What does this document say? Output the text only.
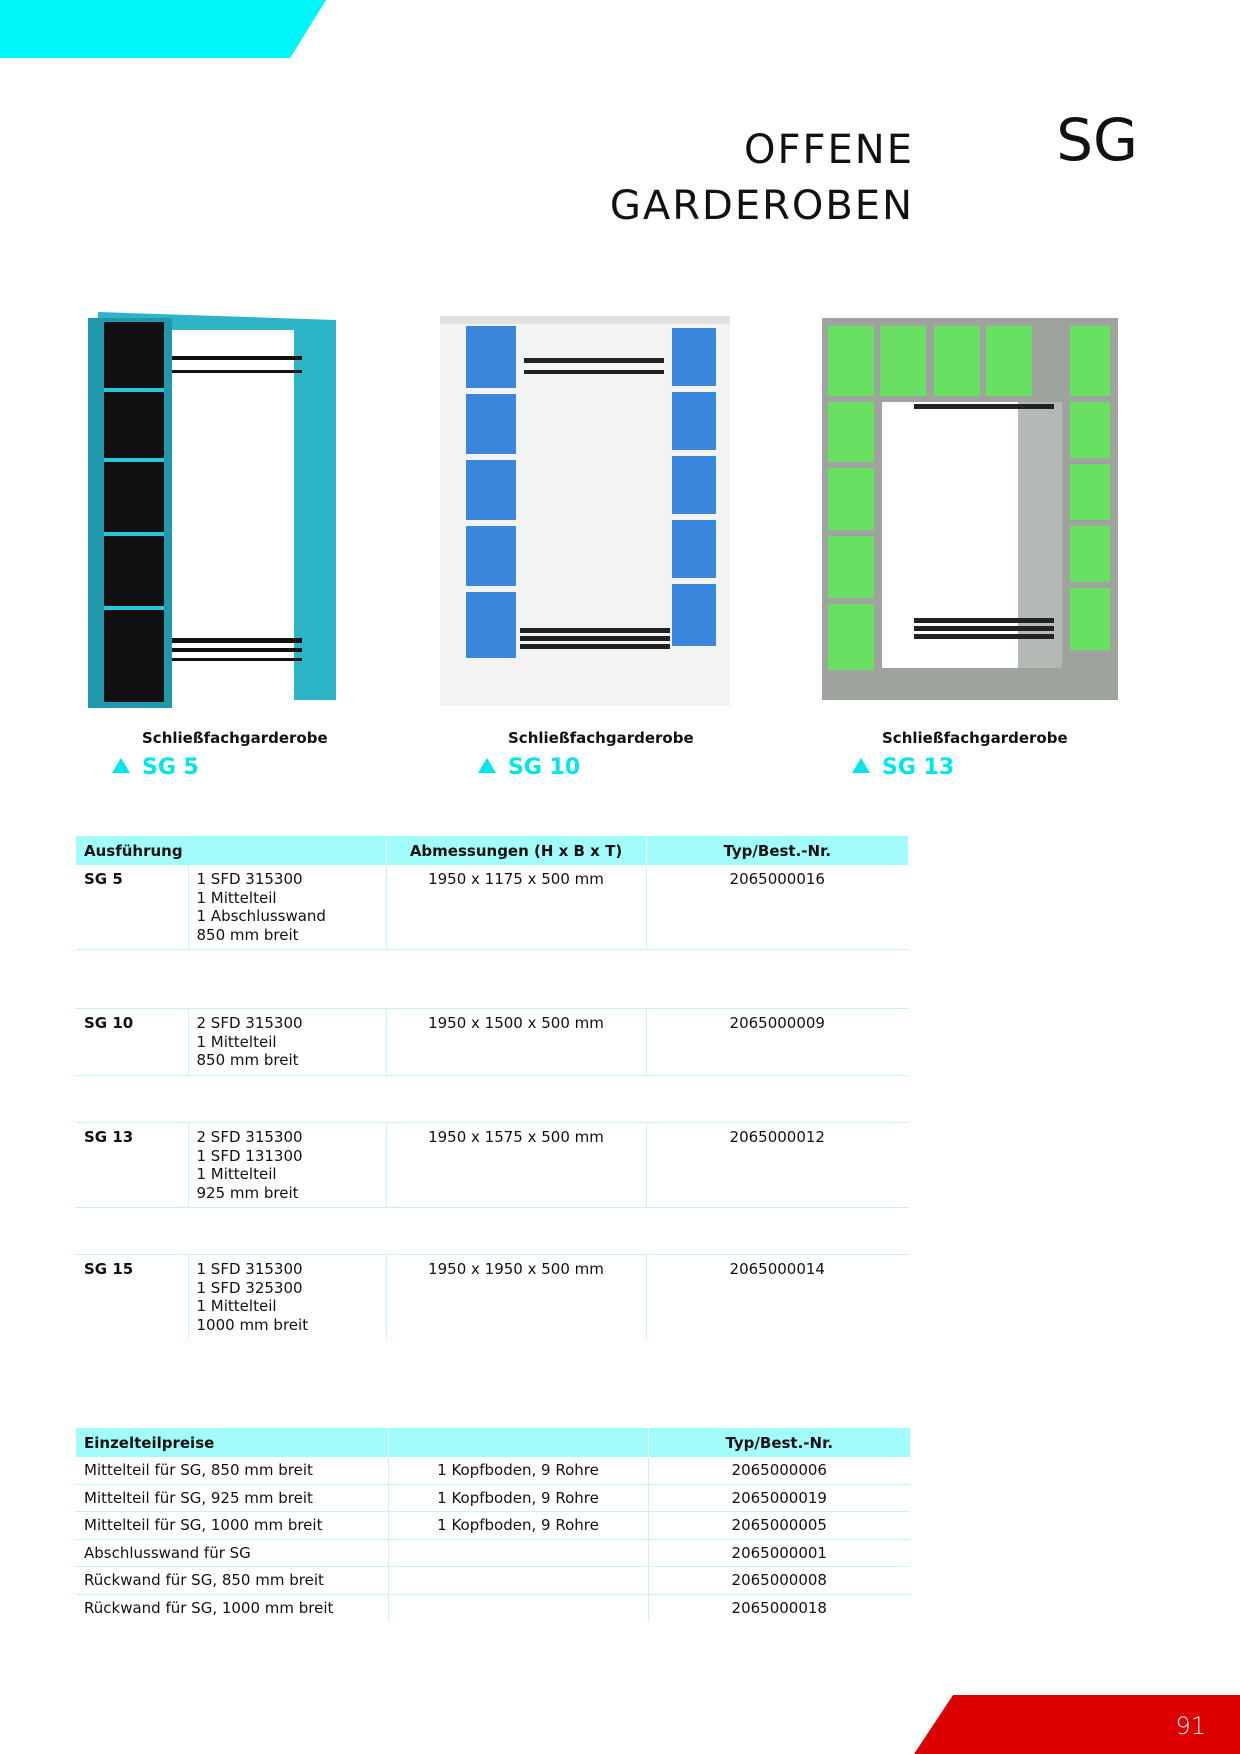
OFFENE
GARDEROBEN
SG
Schließfachgarderobe
SG 5
Schließfachgarderobe
SG 10
Schließfachgarderobe
SG 13
Ausführung		Abmessungen (H x B x T)	Typ/Best.-Nr.
SG 5	1 SFD 315300
1 Mittelteil
1 Abschlusswand
850 mm breit	1950 x 1175 x 500 mm	2065000016

SG 10	2 SFD 315300
1 Mittelteil
850 mm breit	1950 x 1500 x 500 mm	2065000009

SG 13	2 SFD 315300
1 SFD 131300
1 Mittelteil
925 mm breit	1950 x 1575 x 500 mm	2065000012

SG 15	1 SFD 315300
1 SFD 325300
1 Mittelteil
1000 mm breit	1950 x 1950 x 500 mm	2065000014
Einzelteilpreise		Typ/Best.-Nr.
Mittelteil für SG, 850 mm breit	1 Kopfboden, 9 Rohre	2065000006
Mittelteil für SG, 925 mm breit	1 Kopfboden, 9 Rohre	2065000019
Mittelteil für SG, 1000 mm breit	1 Kopfboden, 9 Rohre	2065000005
Abschlusswand für SG		2065000001
Rückwand für SG, 850 mm breit		2065000008
Rückwand für SG, 1000 mm breit		2065000018
91
